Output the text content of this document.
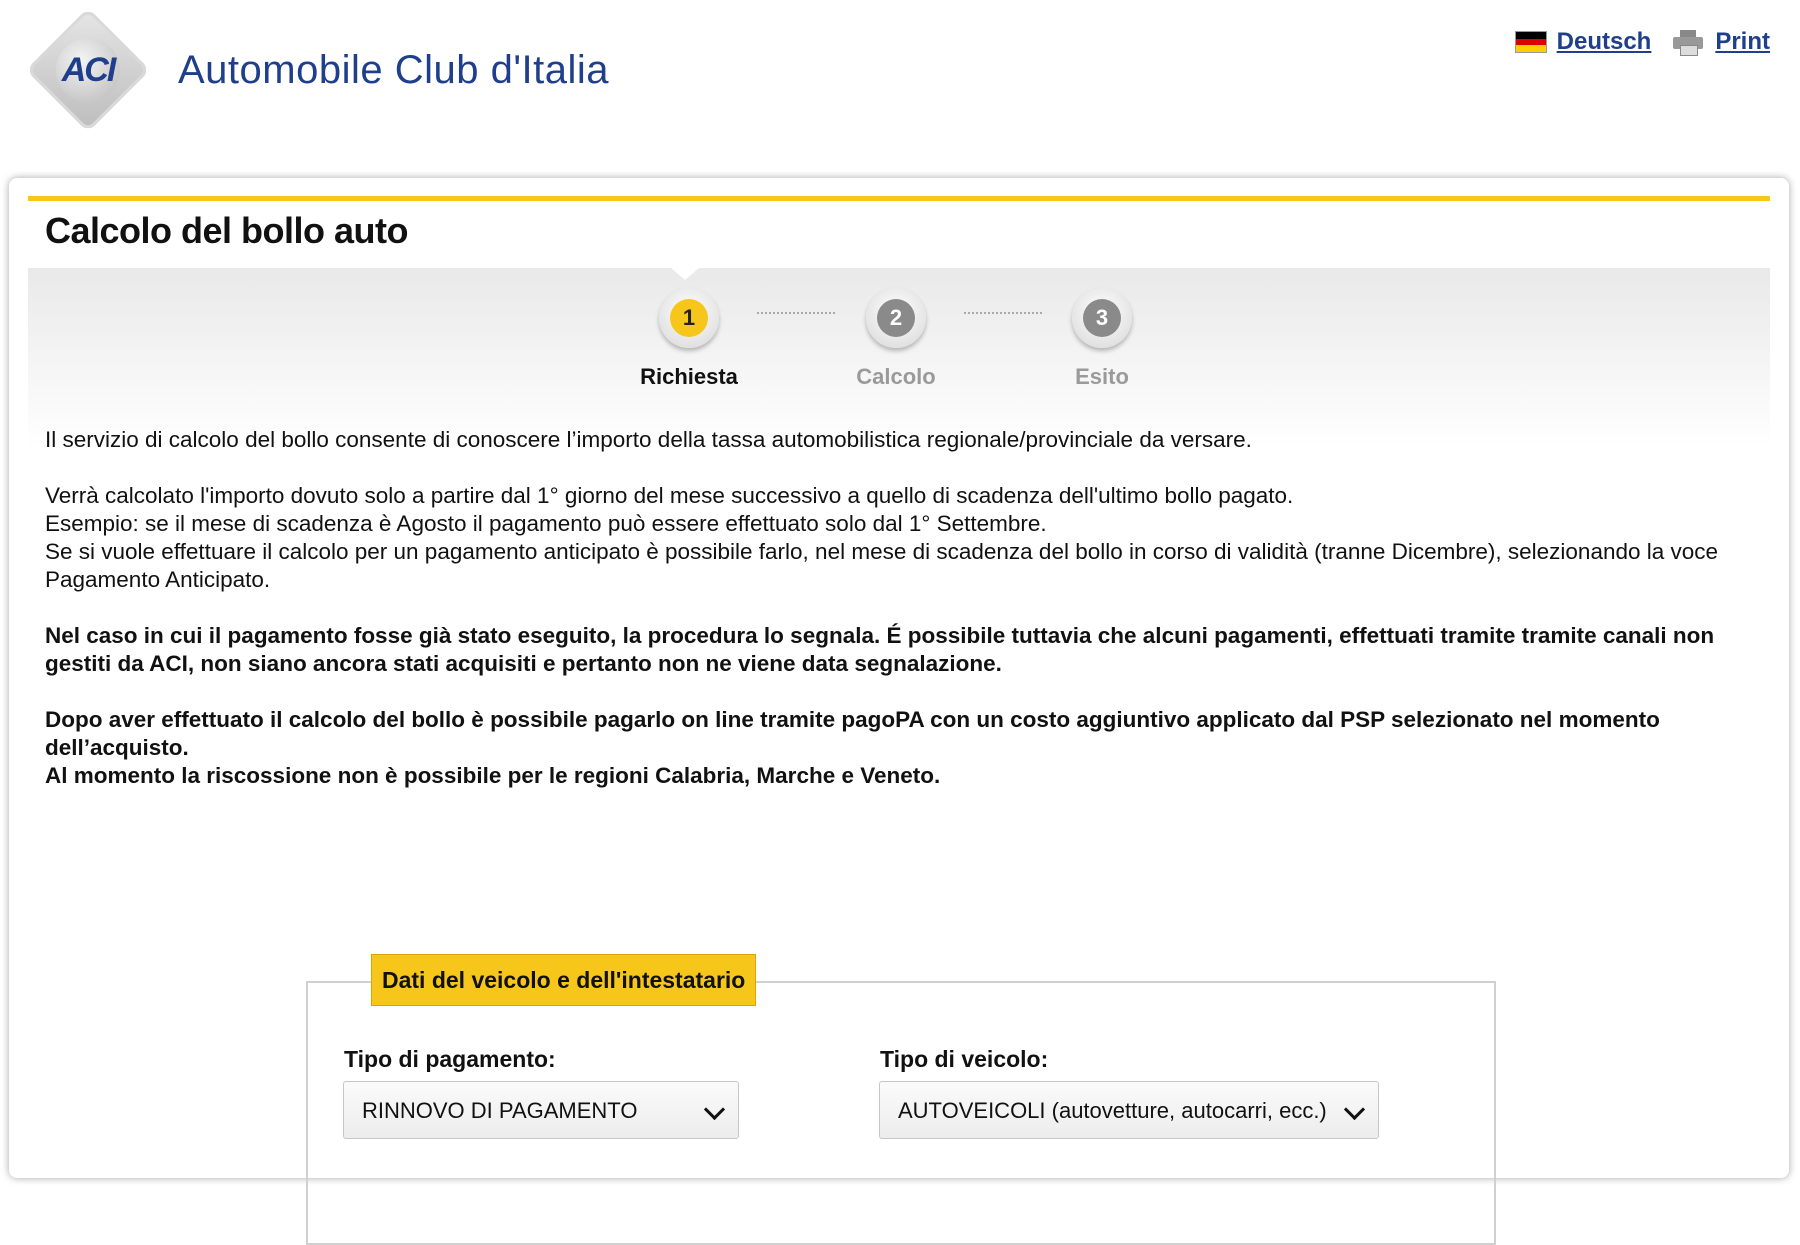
ACI Automobile Club d'Italia
Deutsch	Print
Calcolo del bollo auto
1
Richiesta
2
Calcolo
3
Esito

Il servizio di calcolo del bollo consente di conoscere l’importo della tassa automobilistica regionale/provinciale da versare.

Verrà calcolato l'importo dovuto solo a partire dal 1° giorno del mese successivo a quello di scadenza dell'ultimo bollo pagato.
Esempio: se il mese di scadenza è Agosto il pagamento può essere effettuato solo dal 1° Settembre.
Se si vuole effettuare il calcolo per un pagamento anticipato è possibile farlo, nel mese di scadenza del bollo in corso di validità (tranne Dicembre), selezionando la voce Pagamento Anticipato.

Nel caso in cui il pagamento fosse già stato eseguito, la procedura lo segnala. É possibile tuttavia che alcuni pagamenti, effettuati tramite tramite canali non gestiti da ACI, non siano ancora stati acquisiti e pertanto non ne viene data segnalazione.

Dopo aver effettuato il calcolo del bollo è possibile pagarlo on line tramite pagoPA con un costo aggiuntivo applicato dal PSP selezionato nel momento dell’acquisto.
Al momento la riscossione non è possibile per le regioni Calabria, Marche e Veneto.

Dati del veicolo e dell'intestatario
Tipo di pagamento:
RINNOVO DI PAGAMENTO
Tipo di veicolo:
AUTOVEICOLI (autovetture, autocarri, ecc.)
